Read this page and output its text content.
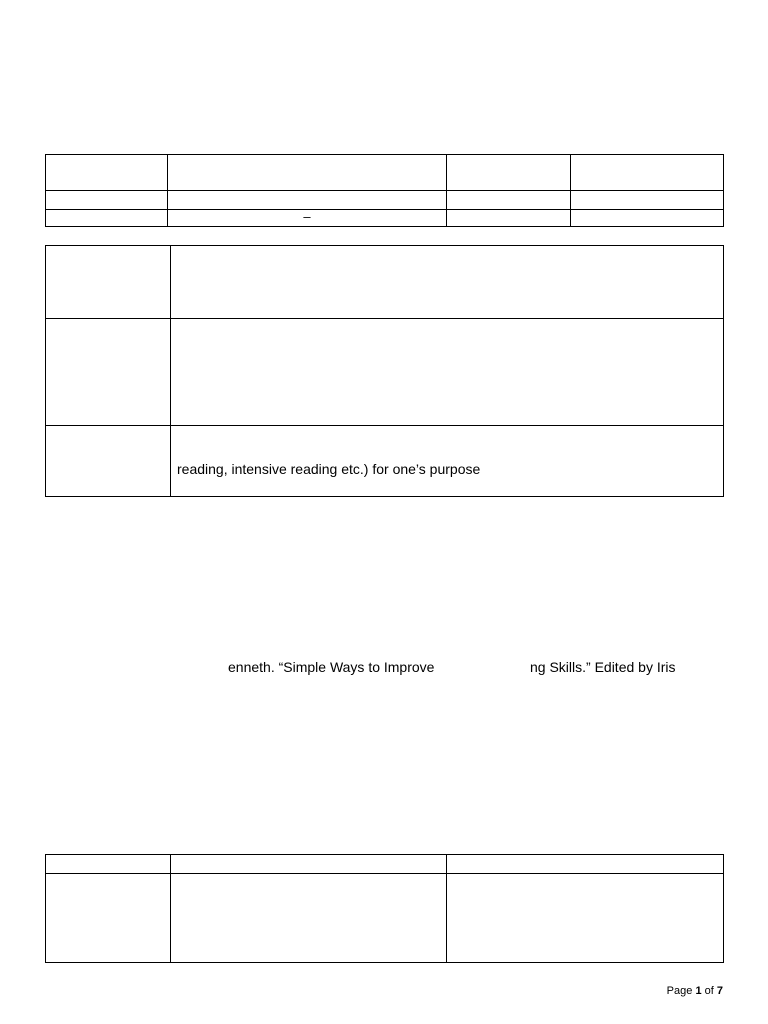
	–		

	reading, intensive reading etc.) for one’s purpose
enneth. “Simple Ways to Improve	ng Skills.” Edited by Iris

Page 1 of 7
